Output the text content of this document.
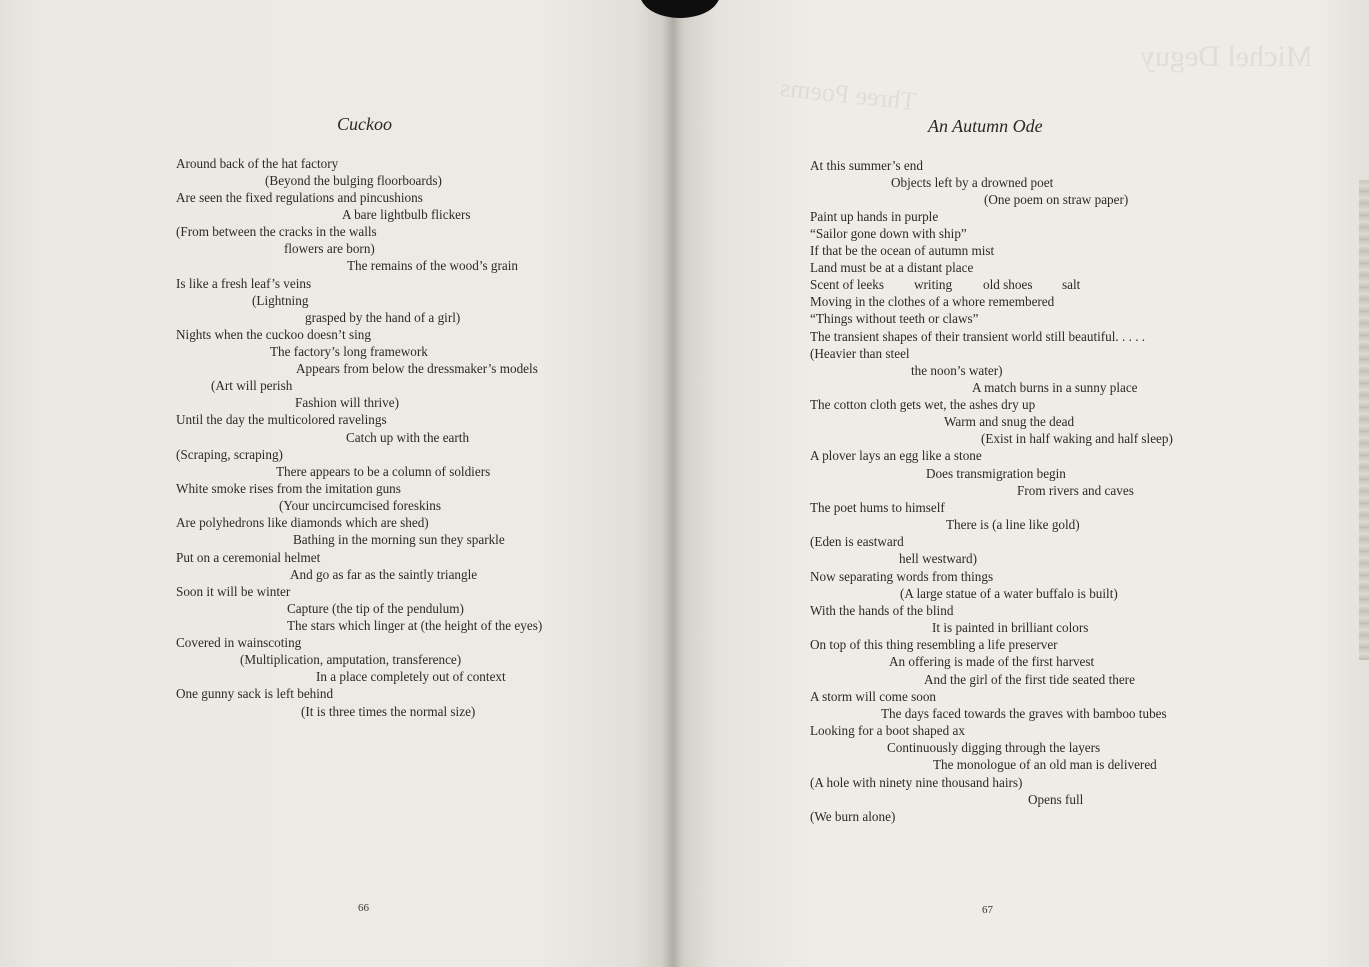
Cuckoo
66
Around back of the hat factory
(Beyond the bulging floorboards)
Are seen the fixed regulations and pincushions
A bare lightbulb flickers
(From between the cracks in the walls
flowers are born)
The remains of the wood’s grain
Is like a fresh leaf’s veins
(Lightning
grasped by the hand of a girl)
Nights when the cuckoo doesn’t sing
The factory’s long framework
Appears from below the dressmaker’s models
(Art will perish
Fashion will thrive)
Until the day the multicolored ravelings
Catch up with the earth
(Scraping, scraping)
There appears to be a column of soldiers
White smoke rises from the imitation guns
(Your uncircumcised foreskins
Are polyhedrons like diamonds which are shed)
Bathing in the morning sun they sparkle
Put on a ceremonial helmet
And go as far as the saintly triangle
Soon it will be winter
Capture (the tip of the pendulum)
The stars which linger at (the height of the eyes)
Covered in wainscoting
(Multiplication, amputation, transference)
In a place completely out of context
One gunny sack is left behind
(It is three times the normal size)
An Autumn Ode
67
At this summer’s end
Objects left by a drowned poet
(One poem on straw paper)
Paint up hands in purple
“Sailor gone down with ship”
If that be the ocean of autumn mist
Land must be at a distant place
Scent of leeks writing old shoes salt
Moving in the clothes of a whore remembered
“Things without teeth or claws”
The transient shapes of their transient world still beautiful. . . . .
(Heavier than steel
the noon’s water)
A match burns in a sunny place
The cotton cloth gets wet, the ashes dry up
Warm and snug the dead
(Exist in half waking and half sleep)
A plover lays an egg like a stone
Does transmigration begin
From rivers and caves
The poet hums to himself
There is (a line like gold)
(Eden is eastward
hell westward)
Now separating words from things
(A large statue of a water buffalo is built)
With the hands of the blind
It is painted in brilliant colors
On top of this thing resembling a life preserver
An offering is made of the first harvest
And the girl of the first tide seated there
A storm will come soon
The days faced towards the graves with bamboo tubes
Looking for a boot shaped ax
Continuously digging through the layers
The monologue of an old man is delivered
(A hole with ninety nine thousand hairs)
Opens full
(We burn alone)
Michel Deguy
Three Poems
